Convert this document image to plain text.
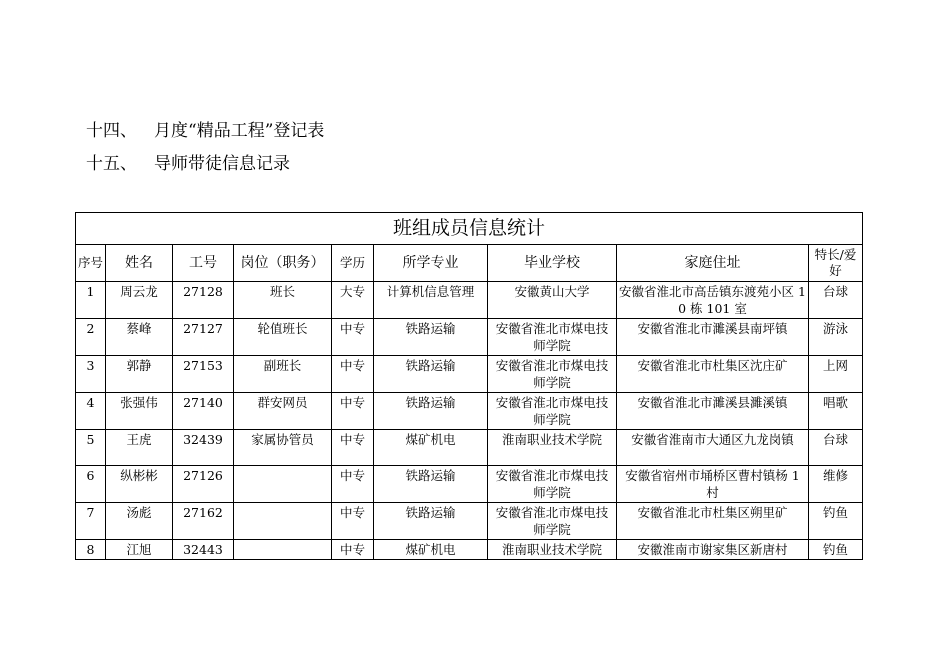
十四、 月度“精品工程”登记表
十五、 导师带徒信息记录
班组成员信息统计								
序号	姓名	工号	岗位（职务）	学历	所学专业	毕业学校	家庭住址	特长/爱好
1	周云龙	27128	班长	大专	计算机信息管理	安徽黄山大学	安徽省淮北市高岳镇东渡苑小区 10 栋 101 室	台球
2	蔡峰	27127	轮值班长	中专	铁路运输	安徽省淮北市煤电技师学院	安徽省淮北市濉溪县南坪镇	游泳
3	郭静	27153	副班长	中专	铁路运输	安徽省淮北市煤电技师学院	安徽省淮北市杜集区沈庄矿	上网
4	张强伟	27140	群安网员	中专	铁路运输	安徽省淮北市煤电技师学院	安徽省淮北市濉溪县濉溪镇	唱歌
5	王虎	32439	家属协管员	中专	煤矿机电	淮南职业技术学院	安徽省淮南市大通区九龙岗镇	台球
6	纵彬彬	27126		中专	铁路运输	安徽省淮北市煤电技师学院	安徽省宿州市埇桥区曹村镇杨 1 村	维修
7	汤彪	27162		中专	铁路运输	安徽省淮北市煤电技师学院	安徽省淮北市杜集区朔里矿	钓鱼
8	江旭	32443		中专	煤矿机电	淮南职业技术学院	安徽淮南市谢家集区新唐村	钓鱼
